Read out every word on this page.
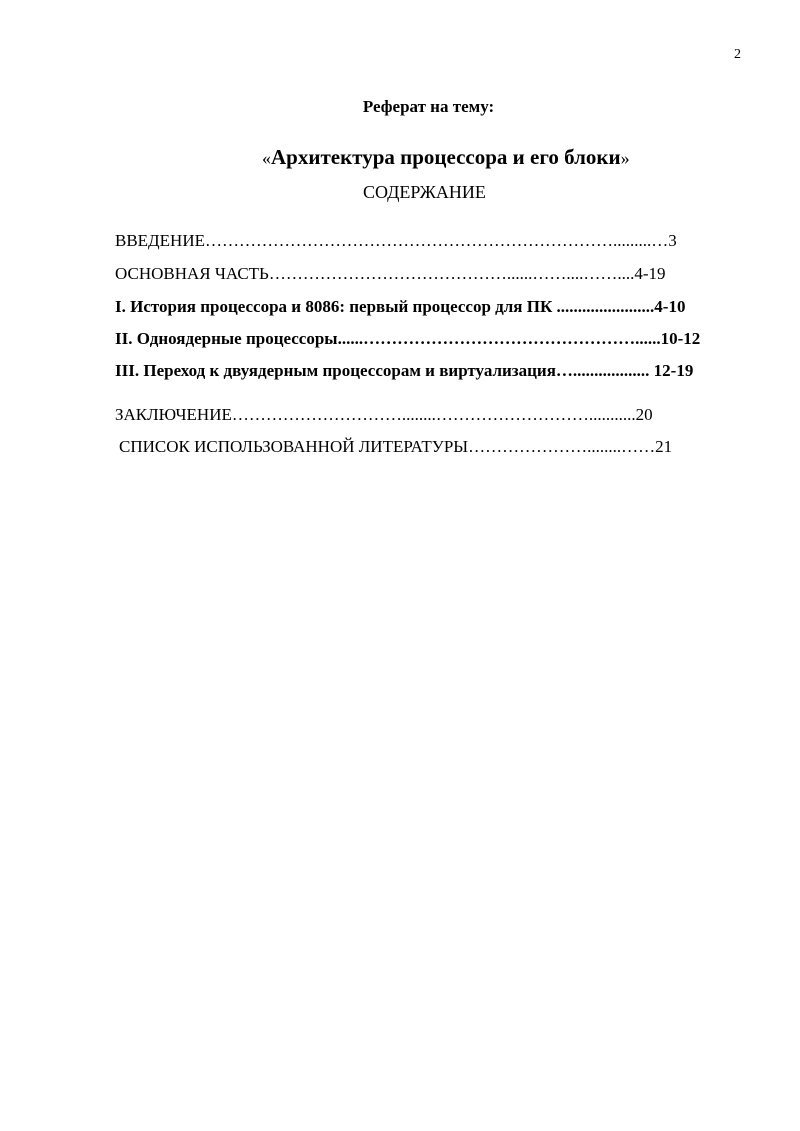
2
Реферат на тему:
«Архитектура процессора и его блоки»
СОДЕРЖАНИЕ
ВВЕДЕНИЕ……………………………………………………………….........…3
ОСНОВНАЯ ЧАСТЬ……………………………………......……....……....4-19
I. История процессора и 8086: первый процессор для ПК .......................4-10
II. Одноядерные процессоры......…………………………………………......10-12
III. Переход к двуядерным процессорам и виртуализация….................. 12-19
ЗАКЛЮЧЕНИЕ…………………………........………………………...........20
СПИСОК ИСПОЛЬЗОВАННОЙ ЛИТЕРАТУРЫ…………………........……21
